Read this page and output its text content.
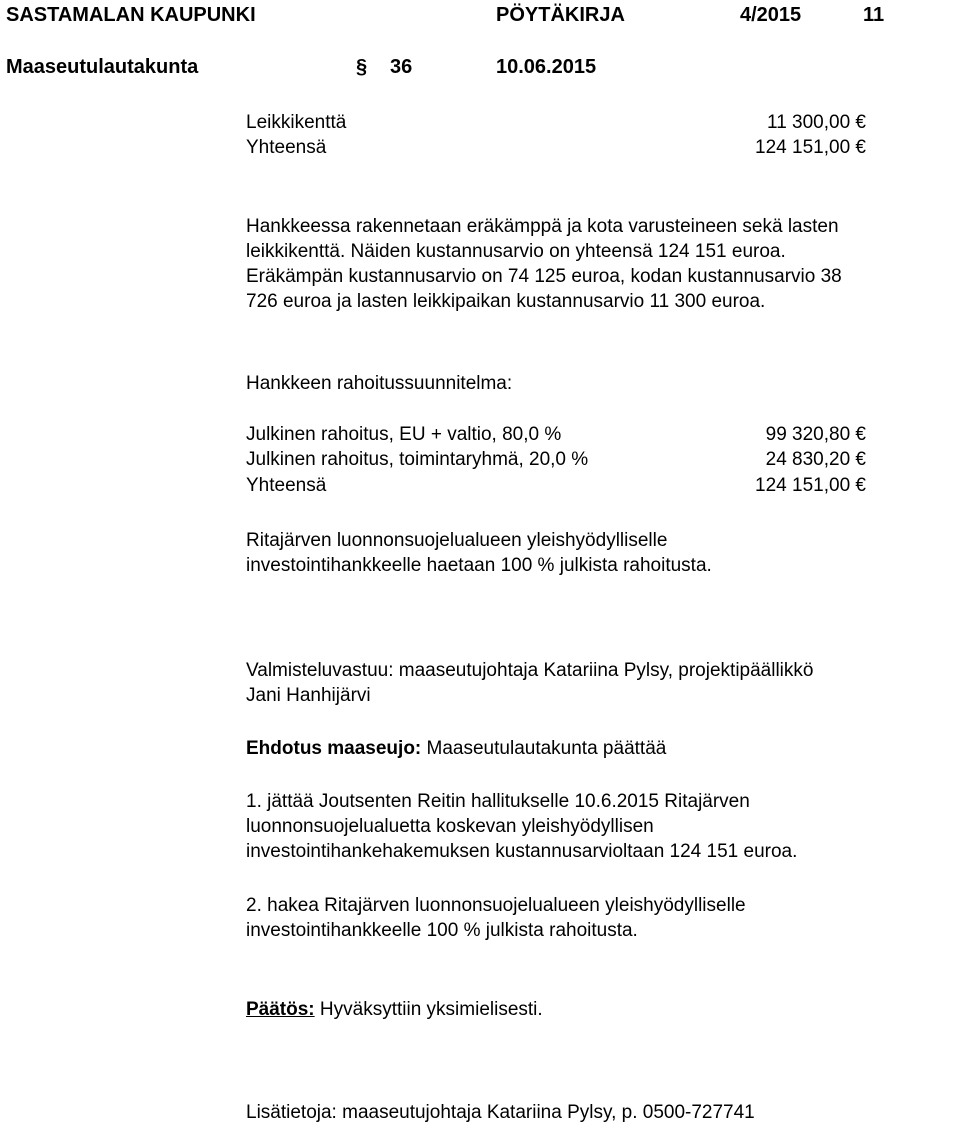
SASTAMALAN KAUPUNKI	PÖYTÄKIRJA	4/2015	11
Maaseutulautakunta	§ 36	10.06.2015
Leikkikenttä	11 300,00 €
Yhteensä	124 151,00 €

Hankkeessa rakennetaan eräkämppä ja kota varusteineen sekä lasten

leikkikenttä. Näiden kustannusarvio on yhteensä 124 151 euroa.

Eräkämpän kustannusarvio on 74 125 euroa, kodan kustannusarvio 38

726 euroa ja lasten leikkipaikan kustannusarvio 11 300 euroa.

Hankkeen rahoitussuunnitelma:
Julkinen rahoitus, EU + valtio, 80,0 %	99 320,80 €
Julkinen rahoitus, toimintaryhmä, 20,0 %	24 830,20 €
Yhteensä	124 151,00 €

Ritajärven luonnonsuojelualueen yleishyödylliselle

investointihankkeelle haetaan 100 % julkista rahoitusta.

Valmisteluvastuu: maaseutujohtaja Katariina Pylsy, projektipäällikkö

Jani Hanhijärvi

Ehdotus maaseujo: Maaseutulautakunta päättää

1. jättää Joutsenten Reitin hallitukselle 10.6.2015 Ritajärven

luonnonsuojelualuetta koskevan yleishyödyllisen

investointihankehakemuksen kustannusarvioltaan 124 151 euroa.

2. hakea Ritajärven luonnonsuojelualueen yleishyödylliselle

investointihankkeelle 100 % julkista rahoitusta.

Päätös: Hyväksyttiin yksimielisesti.
Lisätietoja: maaseutujohtaja Katariina Pylsy, p. 0500-727741
